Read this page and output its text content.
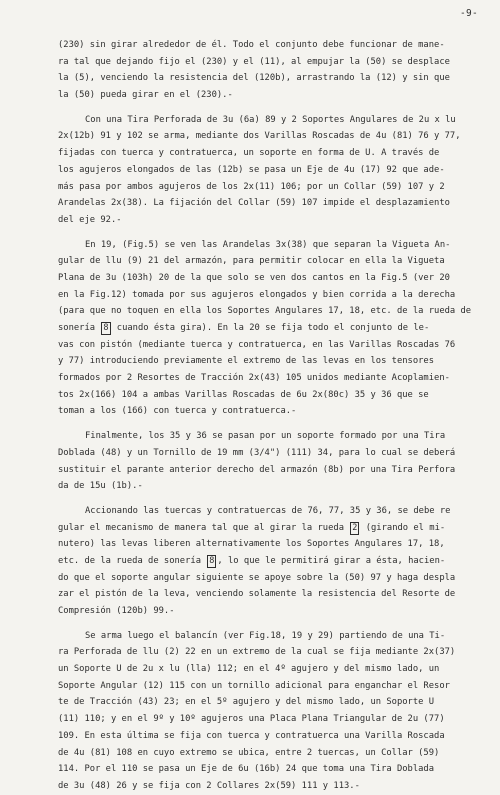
-9-
(230) sin girar alrededor de él. Todo el conjunto debe funcionar de mane-
ra tal que dejando fijo el (230) y el (11), al empujar la (50) se desplace
la (5), venciendo la resistencia del (120b), arrastrando la (12) y sin que
la (50) pueda girar en el (230).-
Con una Tira Perforada de 3u (6a) 89 y 2 Soportes Angulares de 2u x lu
2x(12b) 91 y 102 se arma, mediante dos Varillas Roscadas de 4u (81) 76 y 77,
fijadas con tuerca y contratuerca, un soporte en forma de U. A través de
los agujeros elongados de las (12b) se pasa un Eje de 4u (17) 92 que ade-
más pasa por ambos agujeros de los 2x(11) 106; por un Collar (59) 107 y 2
Arandelas 2x(38). La fijación del Collar (59) 107 impide el desplazamiento
del eje 92.-
En 19, (Fig.5) se ven las Arandelas 3x(38) que separan la Vigueta An-
gular de llu (9) 21 del armazón, para permitir colocar en ella la Vigueta
Plana de 3u (103h) 20 de la que solo se ven dos cantos en la Fig.5 (ver 20
en la Fig.12) tomada por sus agujeros elongados y bien corrida a la derecha
(para que no toquen en ella los Soportes Angulares 17, 18, etc. de la rueda de
sonería 8 cuando ésta gira). En la 20 se fija todo el conjunto de le-
vas con pistón (mediante tuerca y contratuerca, en las Varillas Roscadas 76
y 77) introduciendo previamente el extremo de las levas en los tensores
formados por 2 Resortes de Tracción 2x(43) 105 unidos mediante Acoplamien-
tos 2x(166) 104 a ambas Varillas Roscadas de 6u 2x(80c) 35 y 36 que se
toman a los (166) con tuerca y contratuerca.-
Finalmente, los 35 y 36 se pasan por un soporte formado por una Tira
Doblada (48) y un Tornillo de 19 mm (3/4") (111) 34, para lo cual se deberá
sustituir el parante anterior derecho del armazón (8b) por una Tira Perfora
da de 15u (1b).-
Accionando las tuercas y contratuercas de 76, 77, 35 y 36, se debe re
gular el mecanismo de manera tal que al girar la rueda 2 (girando el mi-
nutero) las levas liberen alternativamente los Soportes Angulares 17, 18,
etc. de la rueda de sonería 8 , lo que le permitirá girar a ésta, hacien-
do que el soporte angular siguiente se apoye sobre la (50) 97 y haga despla
zar el pistón de la leva, venciendo solamente la resistencia del Resorte de
Compresión (120b) 99.-
Se arma luego el balancín (ver Fig.18, 19 y 29) partiendo de una Ti-
ra Perforada de llu (2) 22 en un extremo de la cual se fija mediante 2x(37)
un Soporte U de 2u x lu (lla) 112; en el 4º agujero y del mismo lado, un
Soporte Angular (12) 115 con un tornillo adicional para enganchar el Resor
te de Tracción (43) 23; en el 5º agujero y del mismo lado, un Soporte U
(11) 110; y en el 9º y 10º agujeros una Placa Plana Triangular de 2u (77)
109. En esta última se fija con tuerca y contratuerca una Varilla Roscada
de 4u (81) 108 en cuyo extremo se ubica, entre 2 tuercas, un Collar (59)
114. Por el 110 se pasa un Eje de 6u (16b) 24 que toma una Tira Doblada
de 3u (48) 26 y se fija con 2 Collares 2x(59) 111 y 113.-
